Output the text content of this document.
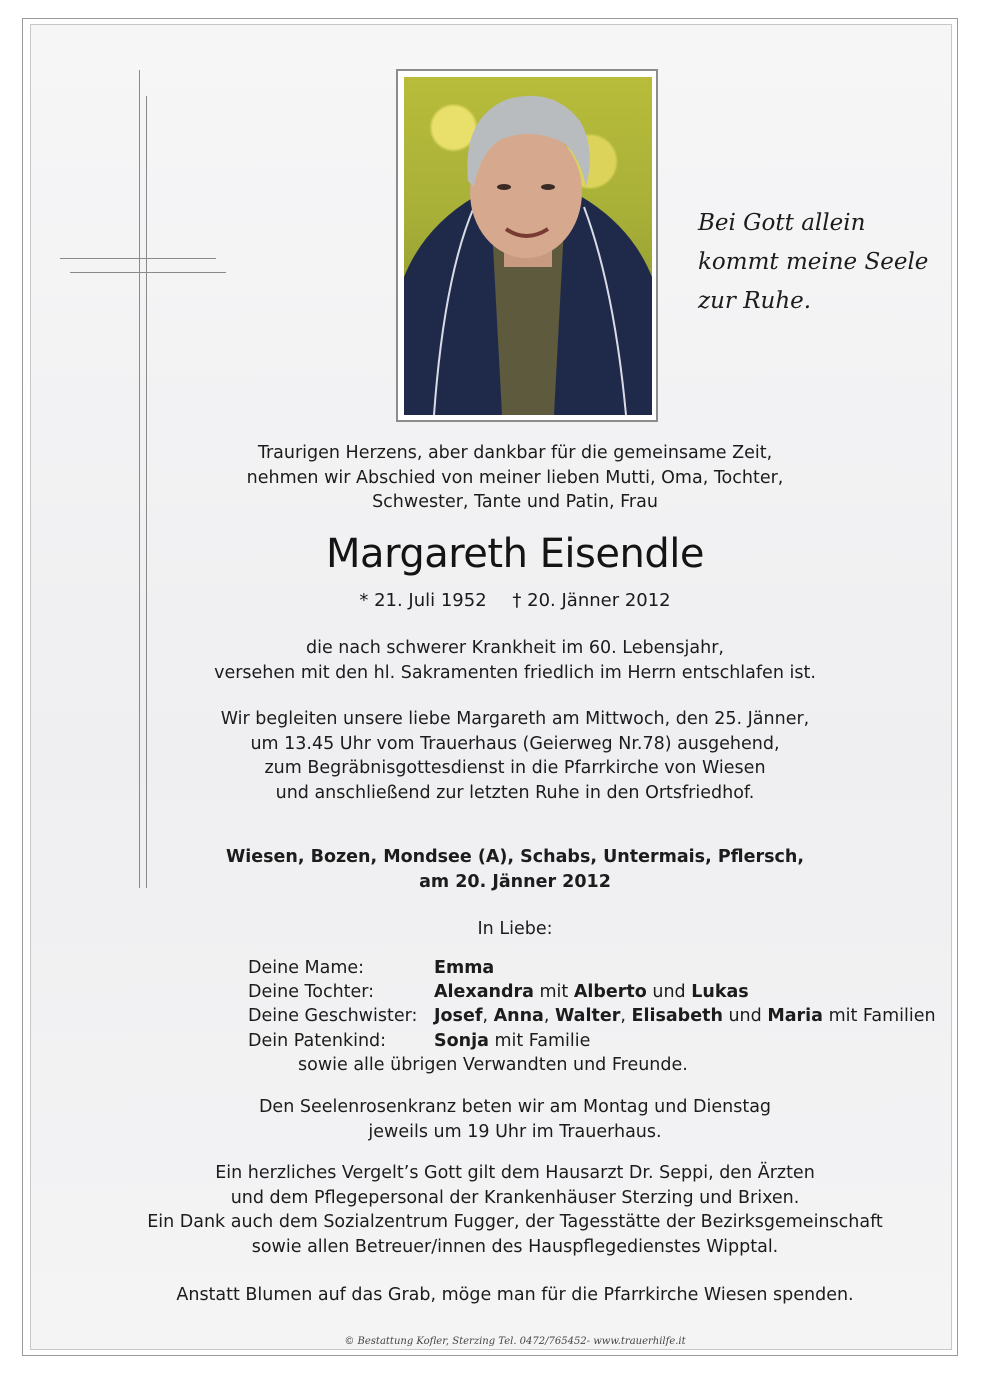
Bei Gott allein
kommt meine Seele
zur Ruhe.
Traurigen Herzens, aber dankbar für die gemeinsame Zeit,
nehmen wir Abschied von meiner lieben Mutti, Oma, Tochter,
Schwester, Tante und Patin, Frau
Margareth Eisendle
* 21. Juli 1952 † 20. Jänner 2012
die nach schwerer Krankheit im 60. Lebensjahr,
versehen mit den hl. Sakramenten friedlich im Herrn entschlafen ist.
Wir begleiten unsere liebe Margareth am Mittwoch, den 25. Jänner,
um 13.45 Uhr vom Trauerhaus (Geierweg Nr.78) ausgehend,
zum Begräbnisgottesdienst in die Pfarrkirche von Wiesen
und anschließend zur letzten Ruhe in den Ortsfriedhof.
Wiesen, Bozen, Mondsee (A), Schabs, Untermais, Pflersch,
am 20. Jänner 2012
In Liebe:
Deine Mame:	Emma
Deine Tochter:	Alexandra mit Alberto und Lukas
Deine Geschwister: Josef, Anna, Walter, Elisabeth und Maria mit Familien
Dein Patenkind:	Sonja mit Familie
sowie alle übrigen Verwandten und Freunde.
Den Seelenrosenkranz beten wir am Montag und Dienstag
jeweils um 19 Uhr im Trauerhaus.
Ein herzliches Vergelt’s Gott gilt dem Hausarzt Dr. Seppi, den Ärzten
und dem Pflegepersonal der Krankenhäuser Sterzing und Brixen.
Ein Dank auch dem Sozialzentrum Fugger, der Tagesstätte der Bezirksgemeinschaft
sowie allen Betreuer/innen des Hauspflegedienstes Wipptal.
Anstatt Blumen auf das Grab, möge man für die Pfarrkirche Wiesen spenden.
© Bestattung Kofler, Sterzing Tel. 0472/765452- www.trauerhilfe.it
